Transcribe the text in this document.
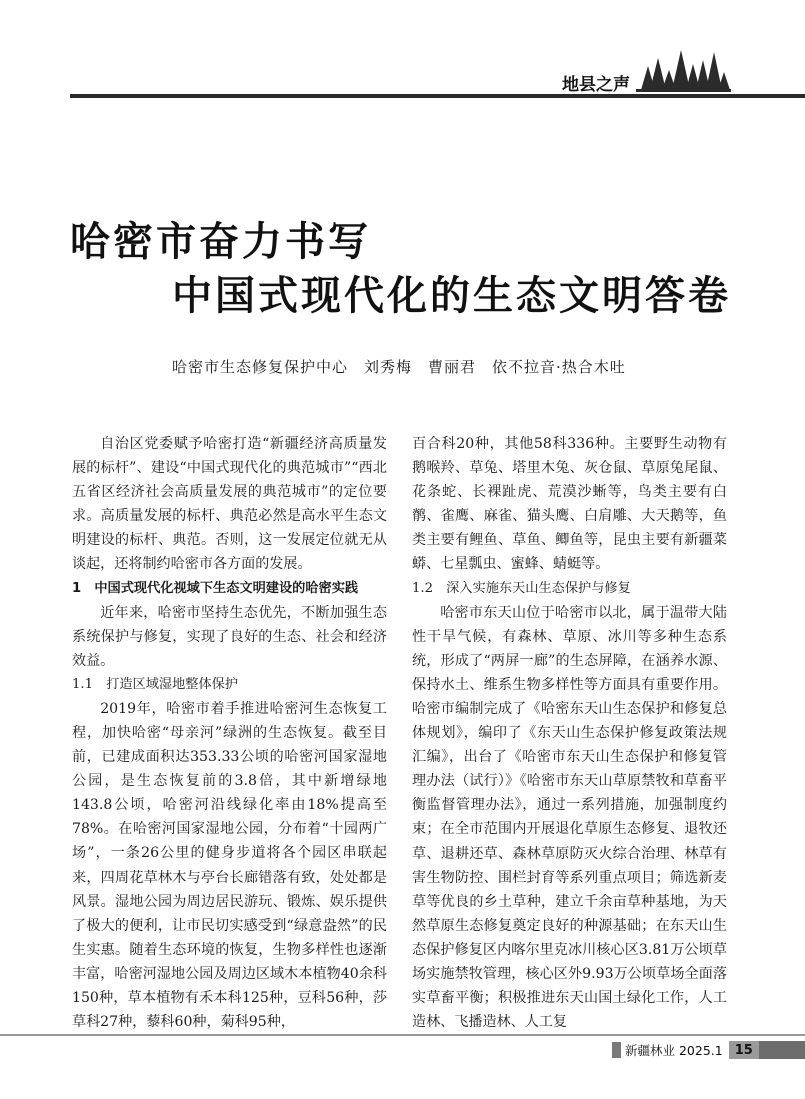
地县之声
哈密市奋力书写
中国式现代化的生态文明答卷
哈密市生态修复保护中心　刘秀梅　曹丽君　依不拉音·热合木吐

自治区党委赋予哈密打造“新疆经济高质量发展的标杆”、建设“中国式现代化的典范城市”“西北五省区经济社会高质量发展的典范城市”的定位要求。高质量发展的标杆、典范必然是高水平生态文明建设的标杆、典范。否则，这一发展定位就无从谈起，还将制约哈密市各方面的发展。

1　中国式现代化视域下生态文明建设的哈密实践

近年来，哈密市坚持生态优先，不断加强生态系统保护与修复，实现了良好的生态、社会和经济效益。

1.1　打造区域湿地整体保护

2019年，哈密市着手推进哈密河生态恢复工程，加快哈密“母亲河”绿洲的生态恢复。截至目前，已建成面积达353.33公顷的哈密河国家湿地公园，是生态恢复前的3.8倍，其中新增绿地143.8公顷，哈密河沿线绿化率由18%提高至78%。在哈密河国家湿地公园，分布着“十园两广场”，一条26公里的健身步道将各个园区串联起来，四周花草林木与亭台长廊错落有致，处处都是风景。湿地公园为周边居民游玩、锻炼、娱乐提供了极大的便利，让市民切实感受到“绿意盎然”的民生实惠。随着生态环境的恢复，生物多样性也逐渐丰富，哈密河湿地公园及周边区域木本植物40余科150种，草本植物有禾本科125种，豆科56种，莎草科27种，藜科60种，菊科95种，

百合科20种，其他58科336种。主要野生动物有鹅喉羚、草兔、塔里木兔、灰仓鼠、草原兔尾鼠、花条蛇、长裸趾虎、荒漠沙蜥等，鸟类主要有白鹡、雀鹰、麻雀、猫头鹰、白肩雕、大天鹅等，鱼类主要有鲤鱼、草鱼、鲫鱼等，昆虫主要有新疆菜蟒、七星瓢虫、蜜蜂、蜻蜓等。

1.2　深入实施东天山生态保护与修复

哈密市东天山位于哈密市以北，属于温带大陆性干旱气候，有森林、草原、冰川等多种生态系统，形成了“两屏一廊”的生态屏障，在涵养水源、保持水土、维系生物多样性等方面具有重要作用。哈密市编制完成了《哈密东天山生态保护和修复总体规划》，编印了《东天山生态保护修复政策法规汇编》，出台了《哈密市东天山生态保护和修复管理办法（试行）》《哈密市东天山草原禁牧和草畜平衡监督管理办法》，通过一系列措施，加强制度约束；在全市范围内开展退化草原生态修复、退牧还草、退耕还草、森林草原防灭火综合治理、林草有害生物防控、围栏封育等系列重点项目；筛选新麦草等优良的乡土草种，建立千余亩草种基地，为天然草原生态修复奠定良好的种源基础；在东天山生态保护修复区内喀尔里克冰川核心区3.81万公顷草场实施禁牧管理，核心区外9.93万公顷草场全面落实草畜平衡；积极推进东天山国土绿化工作，人工造林、飞播造林、人工复

新疆林业 2025.1 15
